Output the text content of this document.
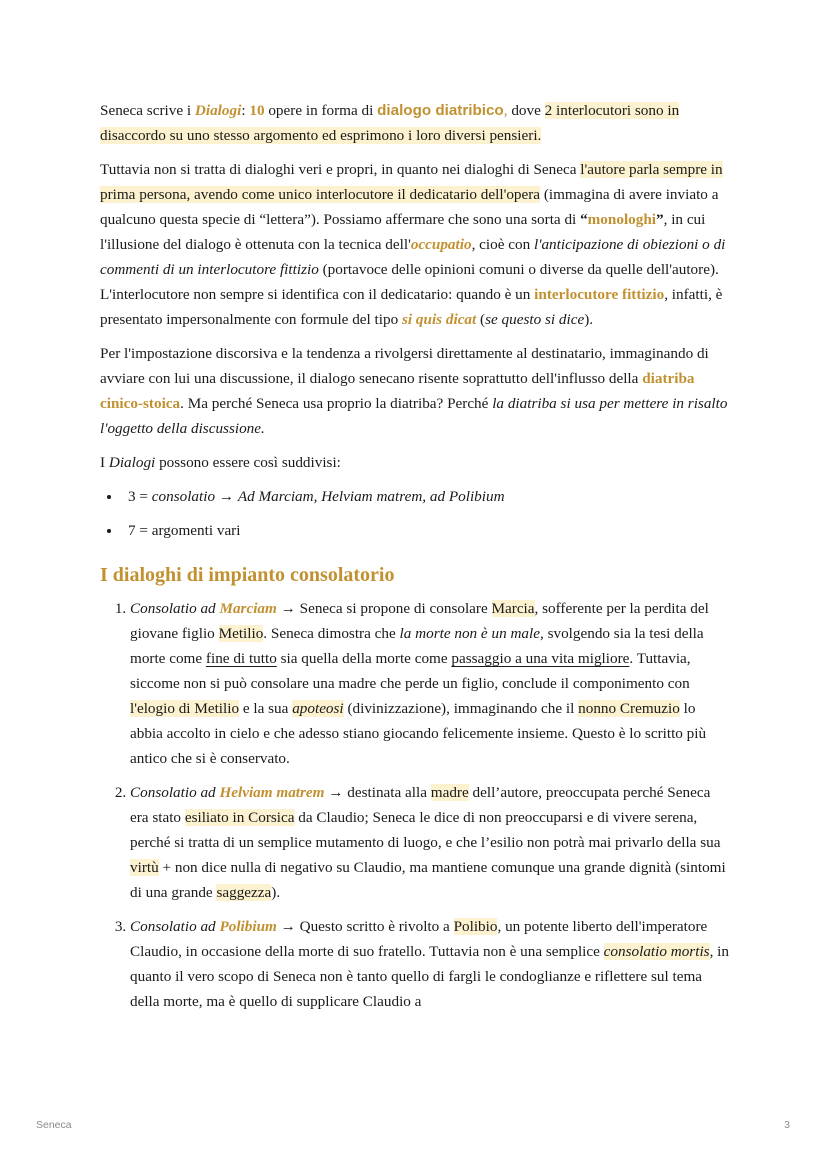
Seneca scrive i Dialogi: 10 opere in forma di dialogo diatribico, dove 2 interlocutori sono in disaccordo su uno stesso argomento ed esprimono i loro diversi pensieri.

Tuttavia non si tratta di dialoghi veri e propri, in quanto nei dialoghi di Seneca l'autore parla sempre in prima persona, avendo come unico interlocutore il dedicatario dell'opera (immagina di avere inviato a qualcuno questa specie di “lettera”). Possiamo affermare che sono una sorta di “monologhi”, in cui l'illusione del dialogo è ottenuta con la tecnica dell'occupatio, cioè con l'anticipazione di obiezioni o di commenti di un interlocutore fittizio (portavoce delle opinioni comuni o diverse da quelle dell'autore). L'interlocutore non sempre si identifica con il dedicatario: quando è un interlocutore fittizio, infatti, è presentato impersonalmente con formule del tipo si quis dicat (se questo si dice).

Per l'impostazione discorsiva e la tendenza a rivolgersi direttamente al destinatario, immaginando di avviare con lui una discussione, il dialogo senecano risente soprattutto dell'influsso della diatriba cinico-stoica. Ma perché Seneca usa proprio la diatriba? Perché la diatriba si usa per mettere in risalto l'oggetto della discussione.

I Dialogi possono essere così suddivisi:

• 3 = consolatio → Ad Marciam, Helviam matrem, ad Polibium
• 7 = argomenti vari
I dialoghi di impianto consolatorio
1. Consolatio ad Marciam → Seneca si propone di consolare Marcia, sofferente per la perdita del giovane figlio Metilio. Seneca dimostra che la morte non è un male, svolgendo sia la tesi della morte come fine di tutto sia quella della morte come passaggio a una vita migliore. Tuttavia, siccome non si può consolare una madre che perde un figlio, conclude il componimento con l'elogio di Metilio e la sua apoteosi (divinizzazione), immaginando che il nonno Cremuzio lo abbia accolto in cielo e che adesso stiano giocando felicemente insieme. Questo è lo scritto più antico che si è conservato.
2. Consolatio ad Helviam matrem → destinata alla madre dell’autore, preoccupata perché Seneca era stato esiliato in Corsica da Claudio; Seneca le dice di non preoccuparsi e di vivere serena, perché si tratta di un semplice mutamento di luogo, e che l’esilio non potrà mai privarlo della sua virtù + non dice nulla di negativo su Claudio, ma mantiene comunque una grande dignità (sintomi di una grande saggezza).
3. Consolatio ad Polibium → Questo scritto è rivolto a Polibio, un potente liberto dell'imperatore Claudio, in occasione della morte di suo fratello. Tuttavia non è una semplice consolatio mortis, in quanto il vero scopo di Seneca non è tanto quello di fargli le condoglianze e riflettere sul tema della morte, ma è quello di supplicare Claudio a
Seneca	3
